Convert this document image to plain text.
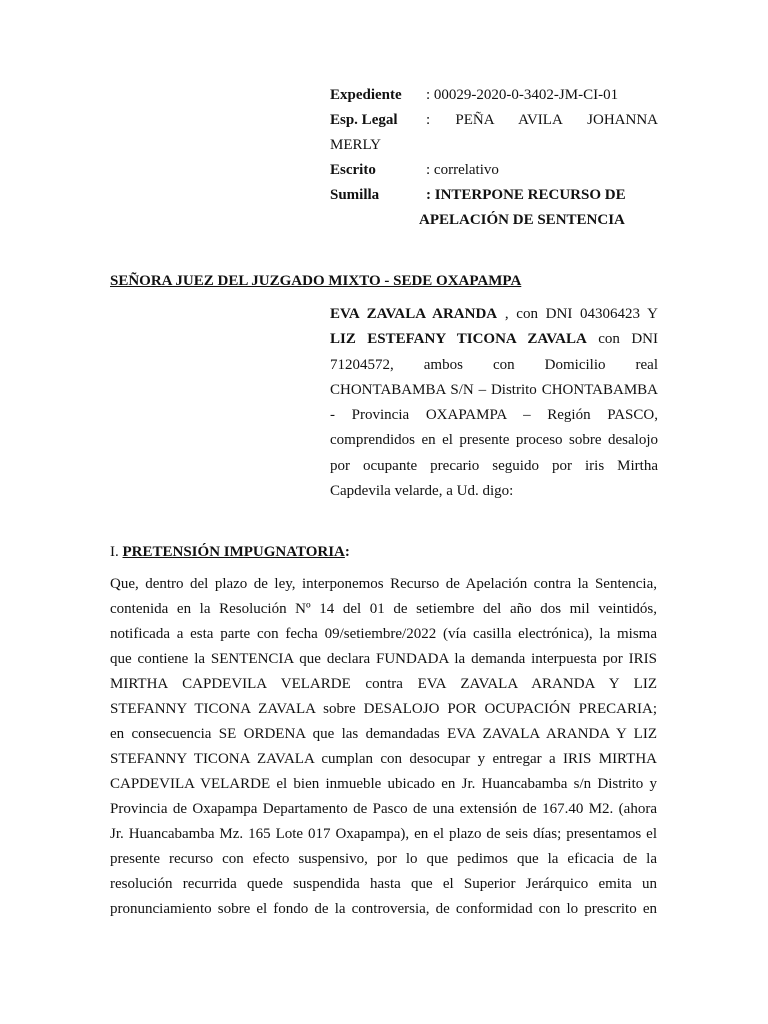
Expediente	: 00029-2020-0-3402-JM-CI-01
Esp. Legal	: PEÑA AVILA JOHANNA
MERLY
Escrito	: correlativo
Sumilla	: INTERPONE RECURSO DE
APELACIÓN DE SENTENCIA
SEÑORA JUEZ DEL JUZGADO MIXTO - SEDE OXAPAMPA
EVA ZAVALA ARANDA , con DNI 04306423 Y LIZ ESTEFANY TICONA ZAVALA con DNI 71204572, ambos con Domicilio real CHONTABAMBA S/N – Distrito CHONTABAMBA - Provincia OXAPAMPA – Región PASCO, comprendidos en el presente proceso sobre desalojo por ocupante precario seguido por iris Mirtha Capdevila velarde, a Ud. digo:
I. PRETENSIÓN IMPUGNATORIA:
Que, dentro del plazo de ley, interponemos Recurso de Apelación contra la Sentencia,
contenida en la Resolución Nº 14 del 01 de setiembre del año dos mil veintidós,
notificada a esta parte con fecha 09/setiembre/2022 (vía casilla electrónica), la misma
que contiene la SENTENCIA que declara FUNDADA la demanda interpuesta por IRIS
MIRTHA CAPDEVILA VELARDE contra EVA ZAVALA ARANDA Y LIZ
STEFANNY TICONA ZAVALA sobre DESALOJO POR OCUPACIÓN PRECARIA;
en consecuencia SE ORDENA que las demandadas EVA ZAVALA ARANDA Y LIZ
STEFANNY TICONA ZAVALA cumplan con desocupar y entregar a IRIS MIRTHA
CAPDEVILA VELARDE el bien inmueble ubicado en Jr. Huancabamba s/n Distrito y
Provincia de Oxapampa Departamento de Pasco de una extensión de 167.40 M2. (ahora
Jr. Huancabamba Mz. 165 Lote 017 Oxapampa), en el plazo de seis días; presentamos el
presente recurso con efecto suspensivo, por lo que pedimos que la eficacia de la
resolución recurrida quede suspendida hasta que el Superior Jerárquico emita un
pronunciamiento sobre el fondo de la controversia, de conformidad con lo prescrito en
